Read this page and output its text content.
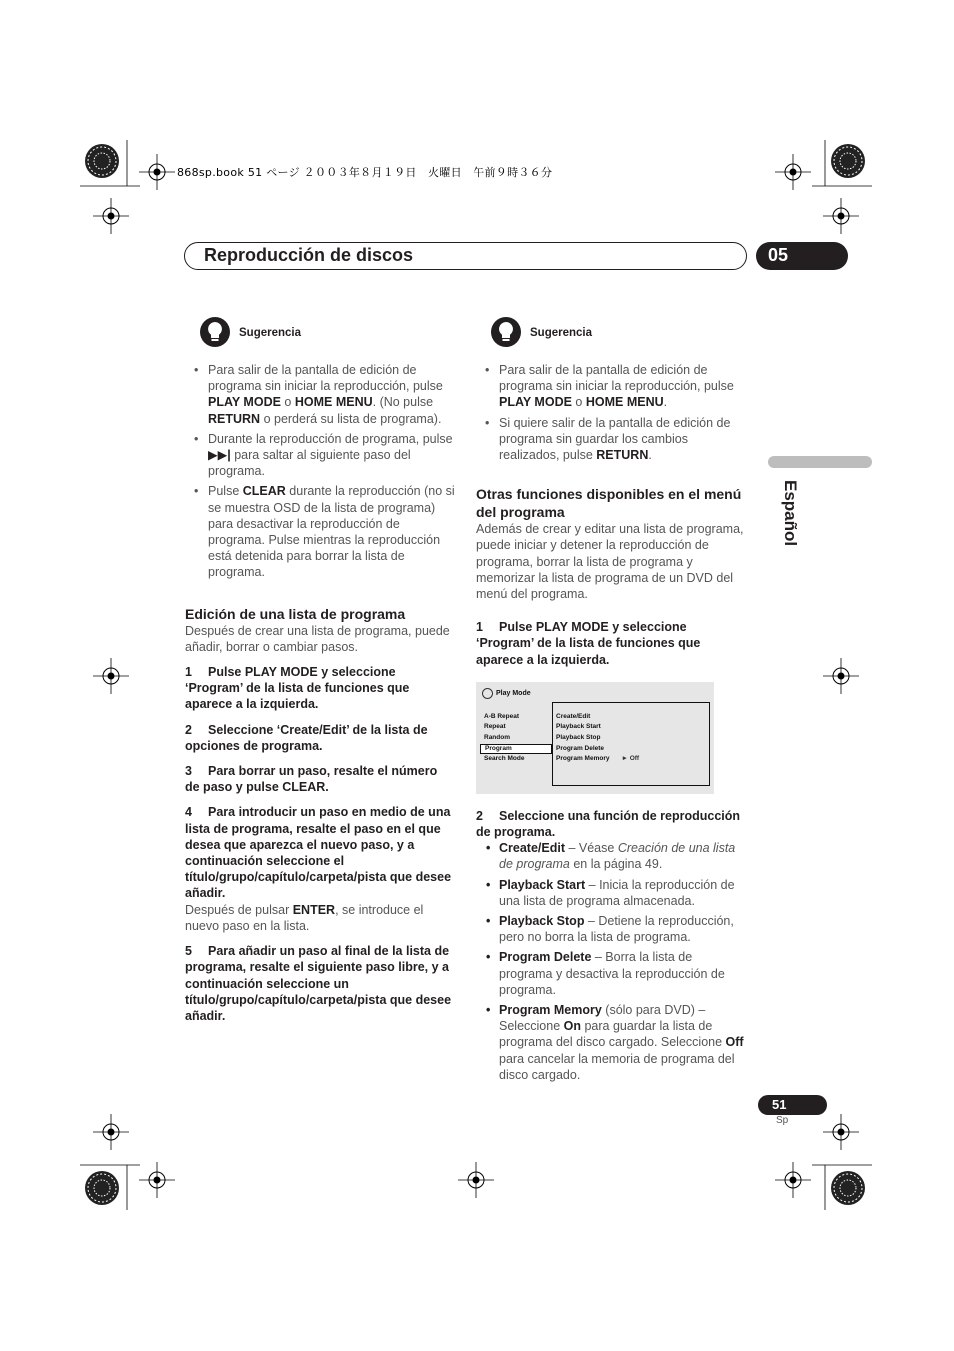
868sp.book 51 ページ ２００３年８月１９日　火曜日　午前９時３６分
Reproducción de discos	05
Español
Sugerencia
• Para salir de la pantalla de edición de programa sin iniciar la reproducción, pulse PLAY MODE o HOME MENU. (No pulse RETURN o perderá su lista de programa).
• Durante la reproducción de programa, pulse ▶▶| para saltar al siguiente paso del programa.
• Pulse CLEAR durante la reproducción (no si se muestra OSD de la lista de programa) para desactivar la reproducción de programa. Pulse mientras la reproducción está detenida para borrar la lista de programa.
Edición de una lista de programa

Después de crear una lista de programa, puede añadir, borrar o cambiar pasos.

1 Pulse PLAY MODE y seleccione ‘Program’ de la lista de funciones que aparece a la izquierda.

2 Seleccione ‘Create/Edit’ de la lista de opciones de programa.

3 Para borrar un paso, resalte el número de paso y pulse CLEAR.

4 Para introducir un paso en medio de una lista de programa, resalte el paso en el que desea que aparezca el nuevo paso, y a continuación seleccione el título/grupo/capítulo/carpeta/pista que desee añadir.

Después de pulsar ENTER, se introduce el nuevo paso en la lista.

5 Para añadir un paso al final de la lista de programa, resalte el siguiente paso libre, y a continuación seleccione un título/grupo/capítulo/carpeta/pista que desee añadir.

Sugerencia
• Para salir de la pantalla de edición de programa sin iniciar la reproducción, pulse PLAY MODE o HOME MENU.
• Si quiere salir de la pantalla de edición de programa sin guardar los cambios realizados, pulse RETURN.
Otras funciones disponibles en el menú del programa

Además de crear y editar una lista de programa, puede iniciar y detener la reproducción de programa, borrar la lista de programa y memorizar la lista de programa de un DVD del menú del programa.

1 Pulse PLAY MODE y seleccione ‘Program’ de la lista de funciones que aparece a la izquierda.

Play Mode
A-B Repeat
Repeat
Random
Program
Search Mode
Create/Edit
Playback Start
Playback Stop
Program Delete
Program Memory ► Off

2 Seleccione una función de reproducción de programa.

• Create/Edit – Véase Creación de una lista de programa en la página 49.
• Playback Start – Inicia la reproducción de una lista de programa almacenada.
• Playback Stop – Detiene la reproducción, pero no borra la lista de programa.
• Program Delete – Borra la lista de programa y desactiva la reproducción de programa.
• Program Memory (sólo para DVD) – Seleccione On para guardar la lista de programa del disco cargado. Seleccione Off para cancelar la memoria de programa del disco cargado.
51
Sp
